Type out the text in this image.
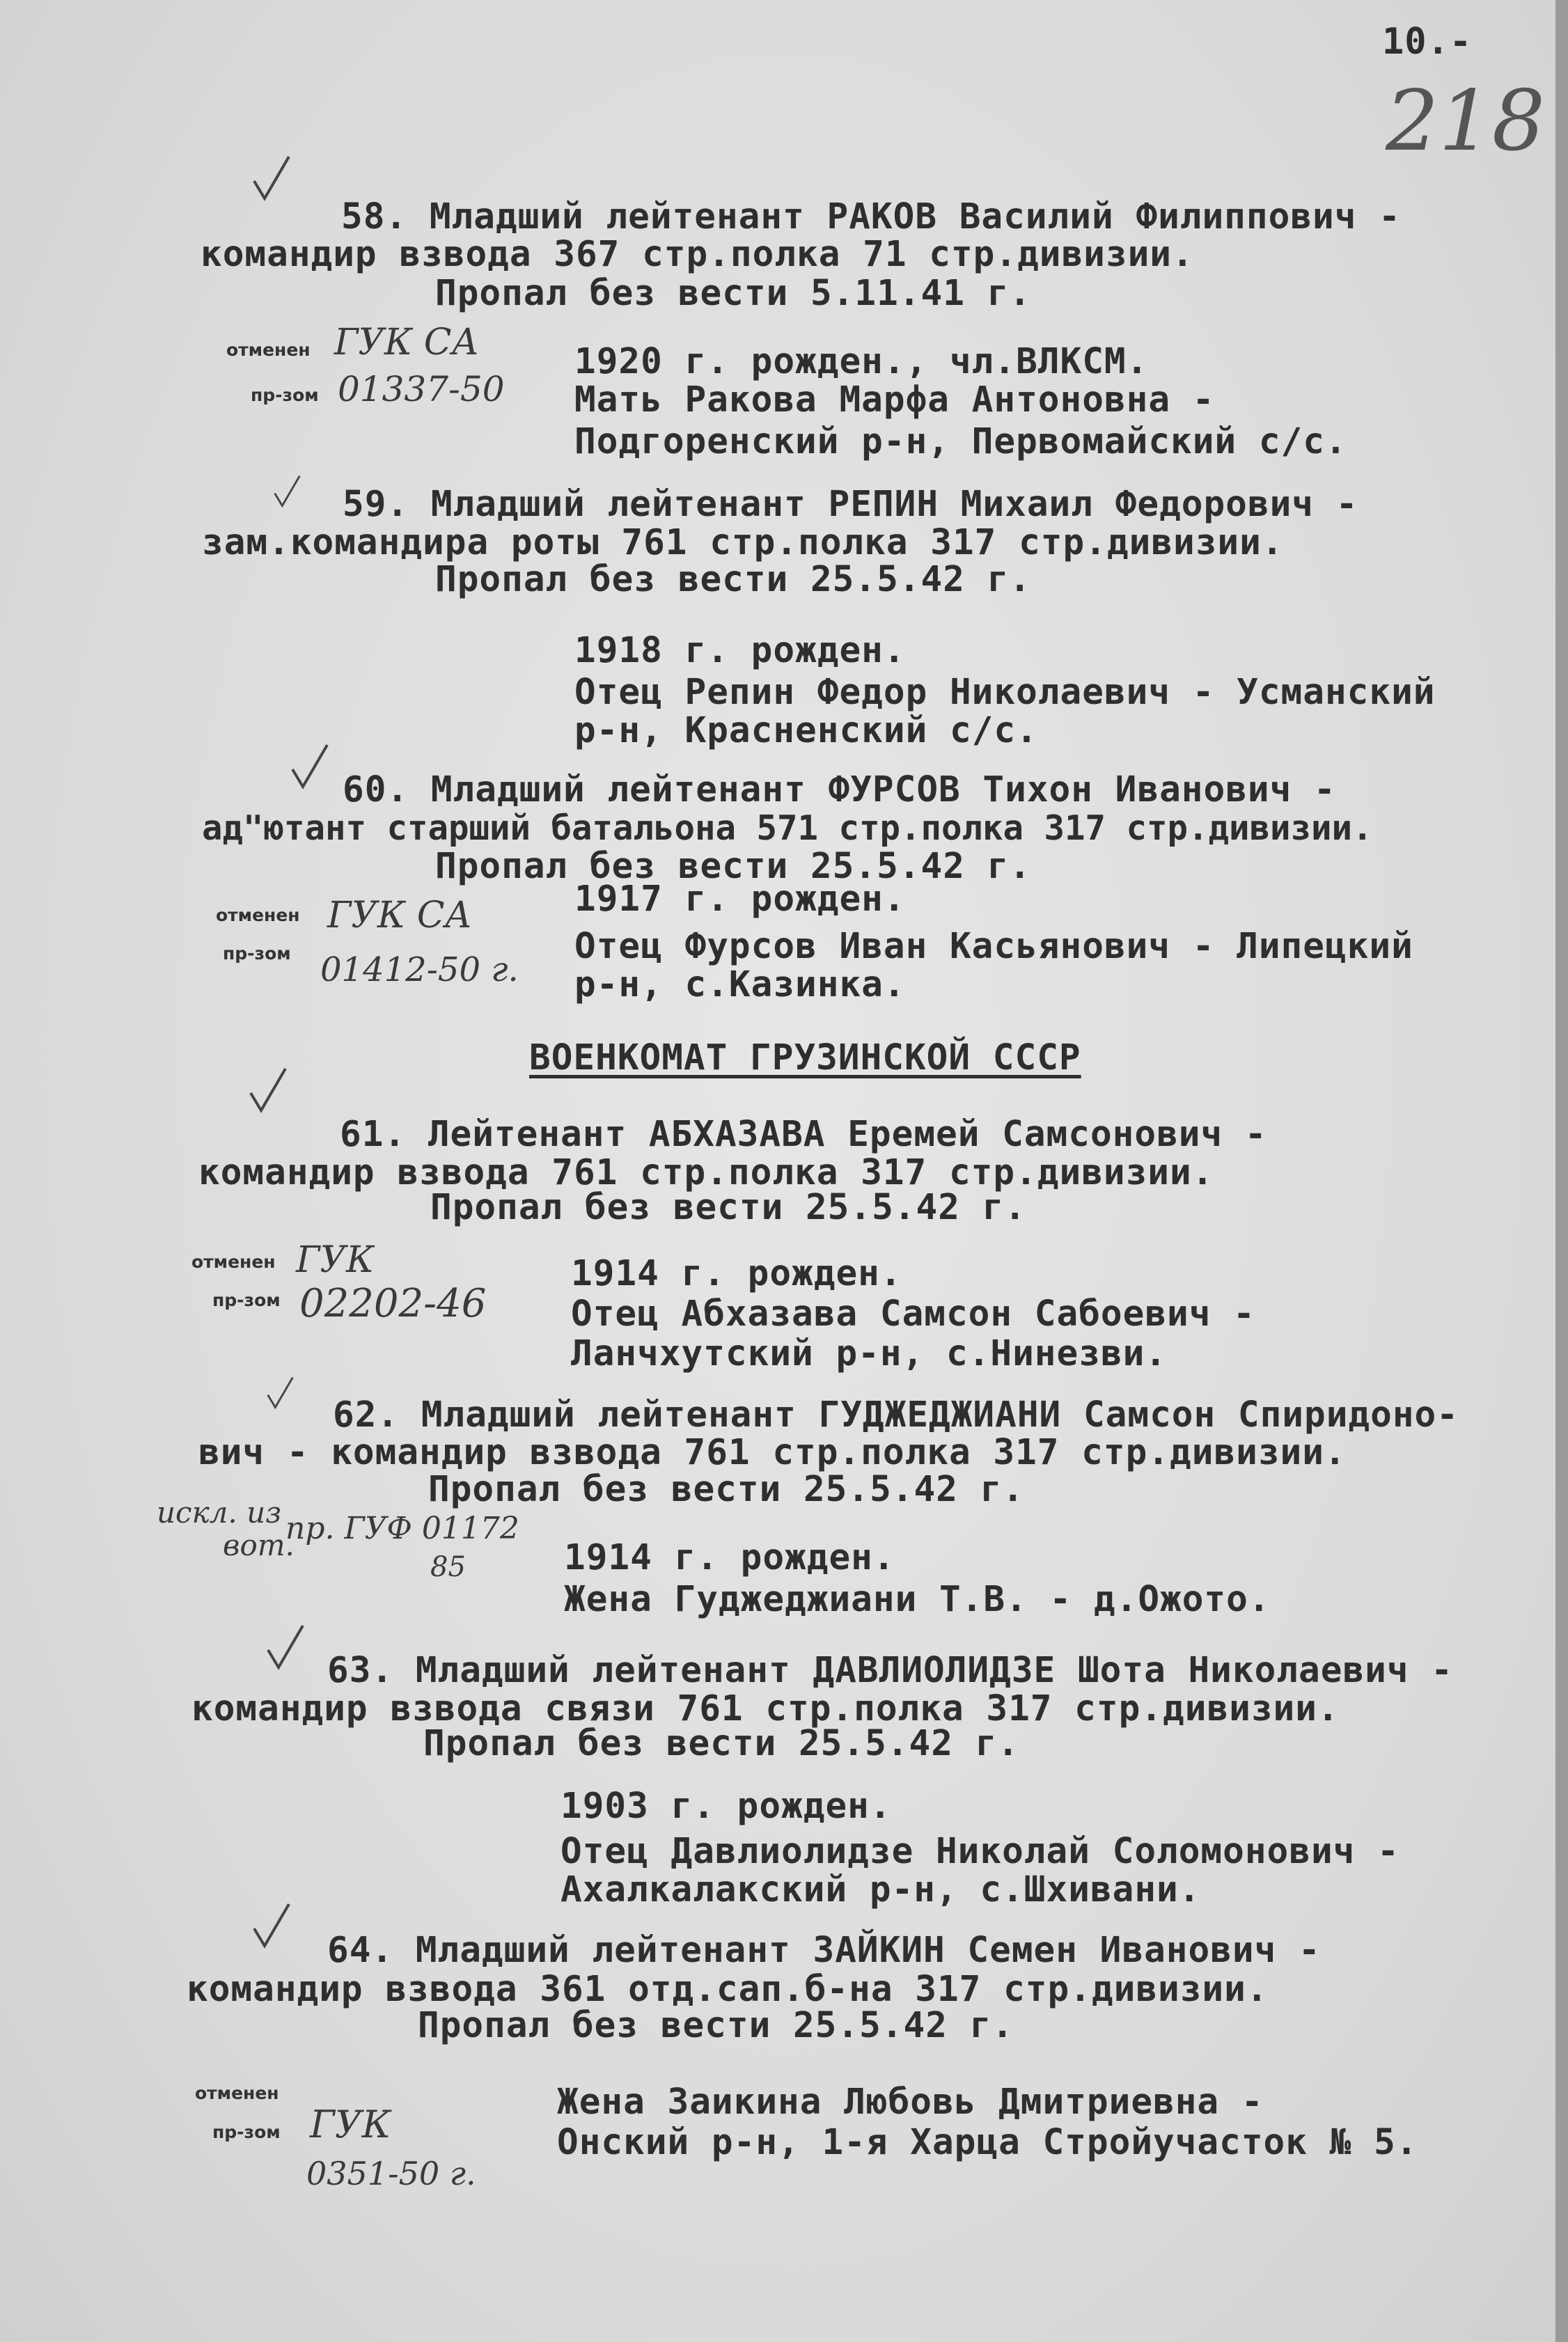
10.-
218
58. Младший лейтенант РАКОВ Василий Филиппович -
командир взвода 367 стр.полка 71 стр.дивизии.
Пропал без вести 5.11.41 г.
отменен ГУК СА
пр-зом 01337-50
1920 г. рожден., чл.ВЛКСМ.
Мать Ракова Марфа Антоновна -
Подгоренский р-н, Первомайский с/с.
59. Младший лейтенант РЕПИН Михаил Федорович -
зам.командира роты 761 стр.полка 317 стр.дивизии.
Пропал без вести 25.5.42 г.
1918 г. рожден.
Отец Репин Федор Николаевич - Усманский
р-н, Красненский с/с.
60. Младший лейтенант ФУРСОВ Тихон Иванович -
ад"ютант старший батальона 571 стр.полка 317 стр.дивизии.
Пропал без вести 25.5.42 г.
отменен ГУК СА
пр-зом 01412-50 г.
1917 г. рожден.
Отец Фурсов Иван Касьянович - Липецкий
р-н, с.Казинка.
ВОЕНКОМАТ ГРУЗИНСКОЙ СССР
61. Лейтенант АБХАЗАВА Еремей Самсонович -
командир взвода 761 стр.полка 317 стр.дивизии.
Пропал без вести 25.5.42 г.
отменен ГУК
пр-зом 02202-46
1914 г. рожден.
Отец Абхазава Самсон Сабоевич -
Ланчхутский р-н, с.Нинезви.
62. Младший лейтенант ГУДЖЕДЖИАНИ Самсон Спиридоно-
вич - командир взвода 761 стр.полка 317 стр.дивизии.
Пропал без вести 25.5.42 г.
искл. из
вот.
пр. ГУФ 01172
85	1914 г. рожден.
Жена Гуджеджиани Т.В. - д.Ожото.
63. Младший лейтенант ДАВЛИОЛИДЗЕ Шота Николаевич -
командир взвода связи 761 стр.полка 317 стр.дивизии.
Пропал без вести 25.5.42 г.
1903 г. рожден.
Отец Давлиолидзе Николай Соломонович -
Ахалкалакский р-н, с.Шхивани.
64. Младший лейтенант ЗАЙКИН Семен Иванович -
командир взвода 361 отд.сап.б-на 317 стр.дивизии.
Пропал без вести 25.5.42 г.
отменен
пр-зом ГУК
0351-50 г.
Жена Заикина Любовь Дмитриевна -
Онский р-н, 1-я Харца Стройучасток № 5.
